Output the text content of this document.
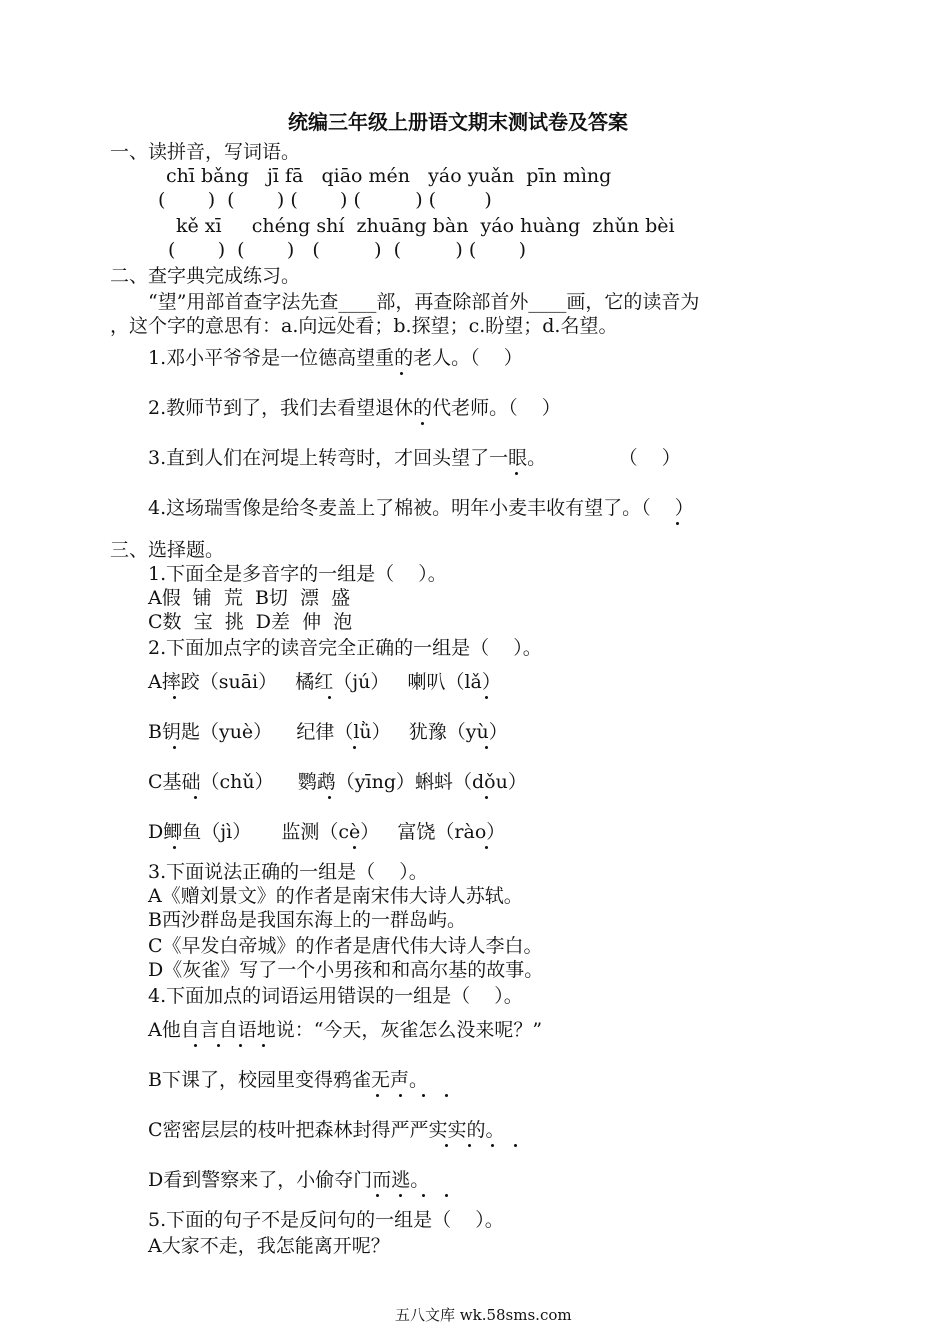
统编三年级上册语文期末测试卷及答案
一、读拼音，写词语。
chī bǎng   jī fā   qiāo mén   yáo yuǎn  pīn mìng
(       )  (       ) (       ) (         ) (        )
kě xī     chéng shí  zhuāng bàn  yáo huàng  zhǔn bèi
(       )  (       )   (         )  (         ) (       )
二、查字典完成练习。
“望”用部首查字法先查____部，再查除部首外____画，它的读音为
，这个字的意思有：a.向远处看；b.探望；c.盼望；d.名望。
1.邓小平爷爷是一位德高望重的老人。（    ）
2.教师节到了，我们去看望退休的代老师。（    ）
3.直到人们在河堤上转弯时，才回头望了一眼。            （    ）
4.这场瑞雪像是给冬麦盖上了棉被。明年小麦丰收有望了。（    ）
三、选择题。
1.下面全是多音字的一组是（    ）。
A假  铺  荒  B切  漂  盛
C数  宝  挑  D差  伸  泡
2.下面加点字的读音完全正确的一组是（    ）。
A摔跤（suāi）   橘红（jú）   喇叭（lǎ）
B钥匙（yuè）    纪律（lǜ）   犹豫（yù）
C基础（chǔ）    鹦鹉（yīng）蝌蚪（dǒu）
D鲫鱼（jì）     监测（cè）   富饶（rào）
3.下面说法正确的一组是（    ）。
A《赠刘景文》的作者是南宋伟大诗人苏轼。
B西沙群岛是我国东海上的一群岛屿。
C《早发白帝城》的作者是唐代伟大诗人李白。
D《灰雀》写了一个小男孩和和高尔基的故事。
4.下面加点的词语运用错误的一组是（    ）。
A他自言自语地说：“今天，灰雀怎么没来呢？”
B下课了，校园里变得鸦雀无声。
C密密层层的枝叶把森林封得严严实实的。
D看到警察来了，小偷夺门而逃。
5.下面的句子不是反问句的一组是（    ）。
A大家不走，我怎能离开呢？
五八文库 wk.58sms.com
